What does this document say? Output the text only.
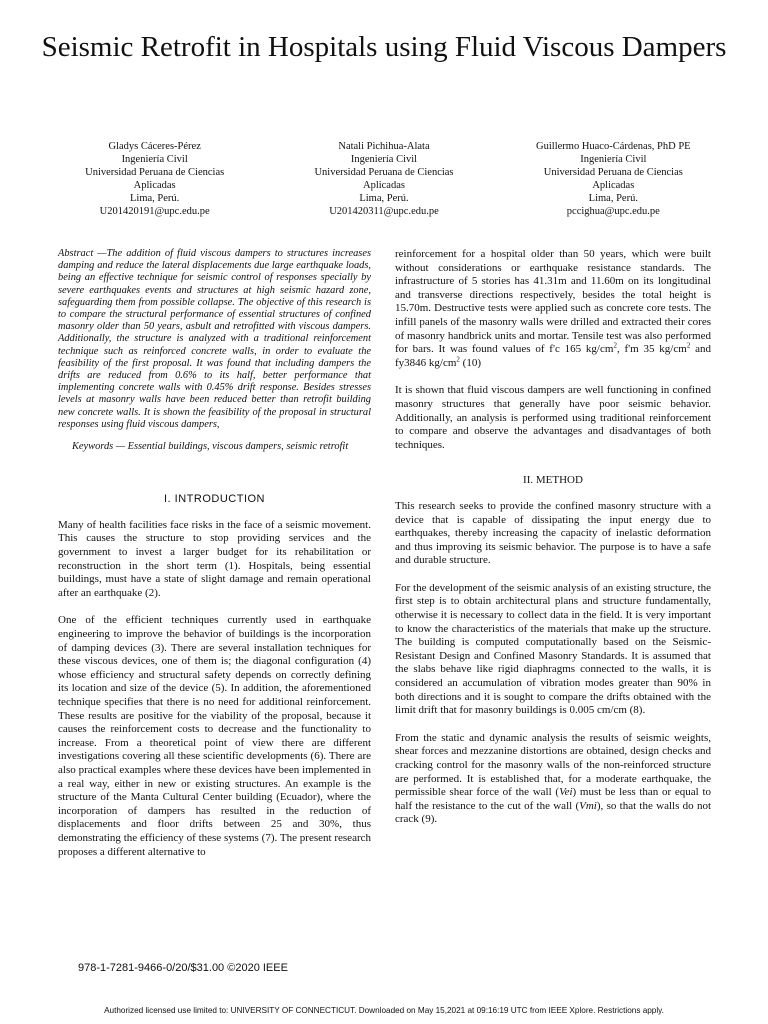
Seismic Retrofit in Hospitals using Fluid Viscous Dampers
Gladys Cáceres-Pérez
Ingeniería Civil
Universidad Peruana de Ciencias
Aplicadas
Lima, Perú.
U201420191@upc.edu.pe
Natali Pichihua-Alata
Ingeniería Civil
Universidad Peruana de Ciencias
Aplicadas
Lima, Perú.
U201420311@upc.edu.pe
Guillermo Huaco-Cárdenas, PhD PE
Ingeniería Civil
Universidad Peruana de Ciencias
Aplicadas
Lima, Perú.
pccighua@upc.edu.pe

Abstract —The addition of fluid viscous dampers to structures increases damping and reduce the lateral displacements due large earthquake loads, being an effective technique for seismic control of responses specially by severe earthquakes events and structures at high seismic hazard zone, safeguarding them from possible collapse. The objective of this research is to compare the structural performance of essential structures of confined masonry older than 50 years, asbult and retrofitted with viscous dampers. Additionally, the structure is analyzed with a traditional reinforcement technique such as reinforced concrete walls, in order to evaluate the feasibility of the first proposal. It was found that including dampers the drifts are reduced from 0.6% to its half, better performance that implementing concrete walls with 0.45% drift response. Besides stresses levels at masonry walls have been reduced better than retrofit building new concrete walls. It is shown the feasibility of the proposal in structural responses using fluid viscous dampers,

Keywords — Essential buildings, viscous dampers, seismic retrofit

I. INTRODUCTION

Many of health facilities face risks in the face of a seismic movement. This causes the structure to stop providing services and the government to invest a larger budget for its rehabilitation or reconstruction in the short term (1). Hospitals, being essential buildings, must have a state of slight damage and remain operational after an earthquake (2).

One of the efficient techniques currently used in earthquake engineering to improve the behavior of buildings is the incorporation of damping devices (3). There are several installation techniques for these viscous devices, one of them is; the diagonal configuration (4) whose efficiency and structural safety depends on correctly defining its location and size of the device (5). In addition, the aforementioned technique specifies that there is no need for additional reinforcement. These results are positive for the viability of the proposal, because it causes the reinforcement costs to decrease and the functionality to increase. From a theoretical point of view there are different investigations covering all these scientific developments (6). There are also practical examples where these devices have been implemented in a real way, either in new or existing structures. An example is the structure of the Manta Cultural Center building (Ecuador), where the incorporation of dampers has resulted in the reduction of displacements and floor drifts between 25 and 30%, thus demonstrating the efficiency of these systems (7). The present research proposes a different alternative to

reinforcement for a hospital older than 50 years, which were built without considerations or earthquake resistance standards. The infrastructure of 5 stories has 41.31m and 11.60m on its longitudinal and transverse directions respectively, besides the total height is 15.70m. Destructive tests were applied such as concrete core tests. The infill panels of the masonry walls were drilled and extracted their cores of masonry handbrick units and mortar. Tensile test was also performed for bars. It was found values of f'c 165 $kg/cm^2$, f'm 35 $kg/cm^2$ and fy3846 $kg/cm^2$ (10)

It is shown that fluid viscous dampers are well functioning in confined masonry structures that generally have poor seismic behavior. Additionally, an analysis is performed using traditional reinforcement to compare and observe the advantages and disadvantages of both techniques.

II. METHOD

This research seeks to provide the confined masonry structure with a device that is capable of dissipating the input energy due to earthquakes, thereby increasing the capacity of inelastic deformation and thus improving its seismic behavior. The purpose is to have a safe and durable structure.

For the development of the seismic analysis of an existing structure, the first step is to obtain architectural plans and structure fundamentally, otherwise it is necessary to collect data in the field. It is very important to know the characteristics of the materials that make up the structure. The building is computed computationally based on the Seismic-Resistant Design and Confined Masonry Standards. It is assumed that the slabs behave like rigid diaphragms connected to the walls, it is considered an accumulation of vibration modes greater than 90% in both directions and it is sought to compare the drifts obtained with the limit drift that for masonry buildings is 0.005 cm/cm (8).

From the static and dynamic analysis the results of seismic weights, shear forces and mezzanine distortions are obtained, design checks and cracking control for the masonry walls of the non-reinforced structure are performed. It is established that, for a moderate earthquake, the permissible shear force of the wall (Vei) must be less than or equal to half the resistance to the cut of the wall (Vmi), so that the walls do not crack (9).

978-1-7281-9466-0/20/$31.00 ©2020 IEEE
Authorized licensed use limited to: UNIVERSITY OF CONNECTICUT. Downloaded on May 15,2021 at 09:16:19 UTC from IEEE Xplore. Restrictions apply.
